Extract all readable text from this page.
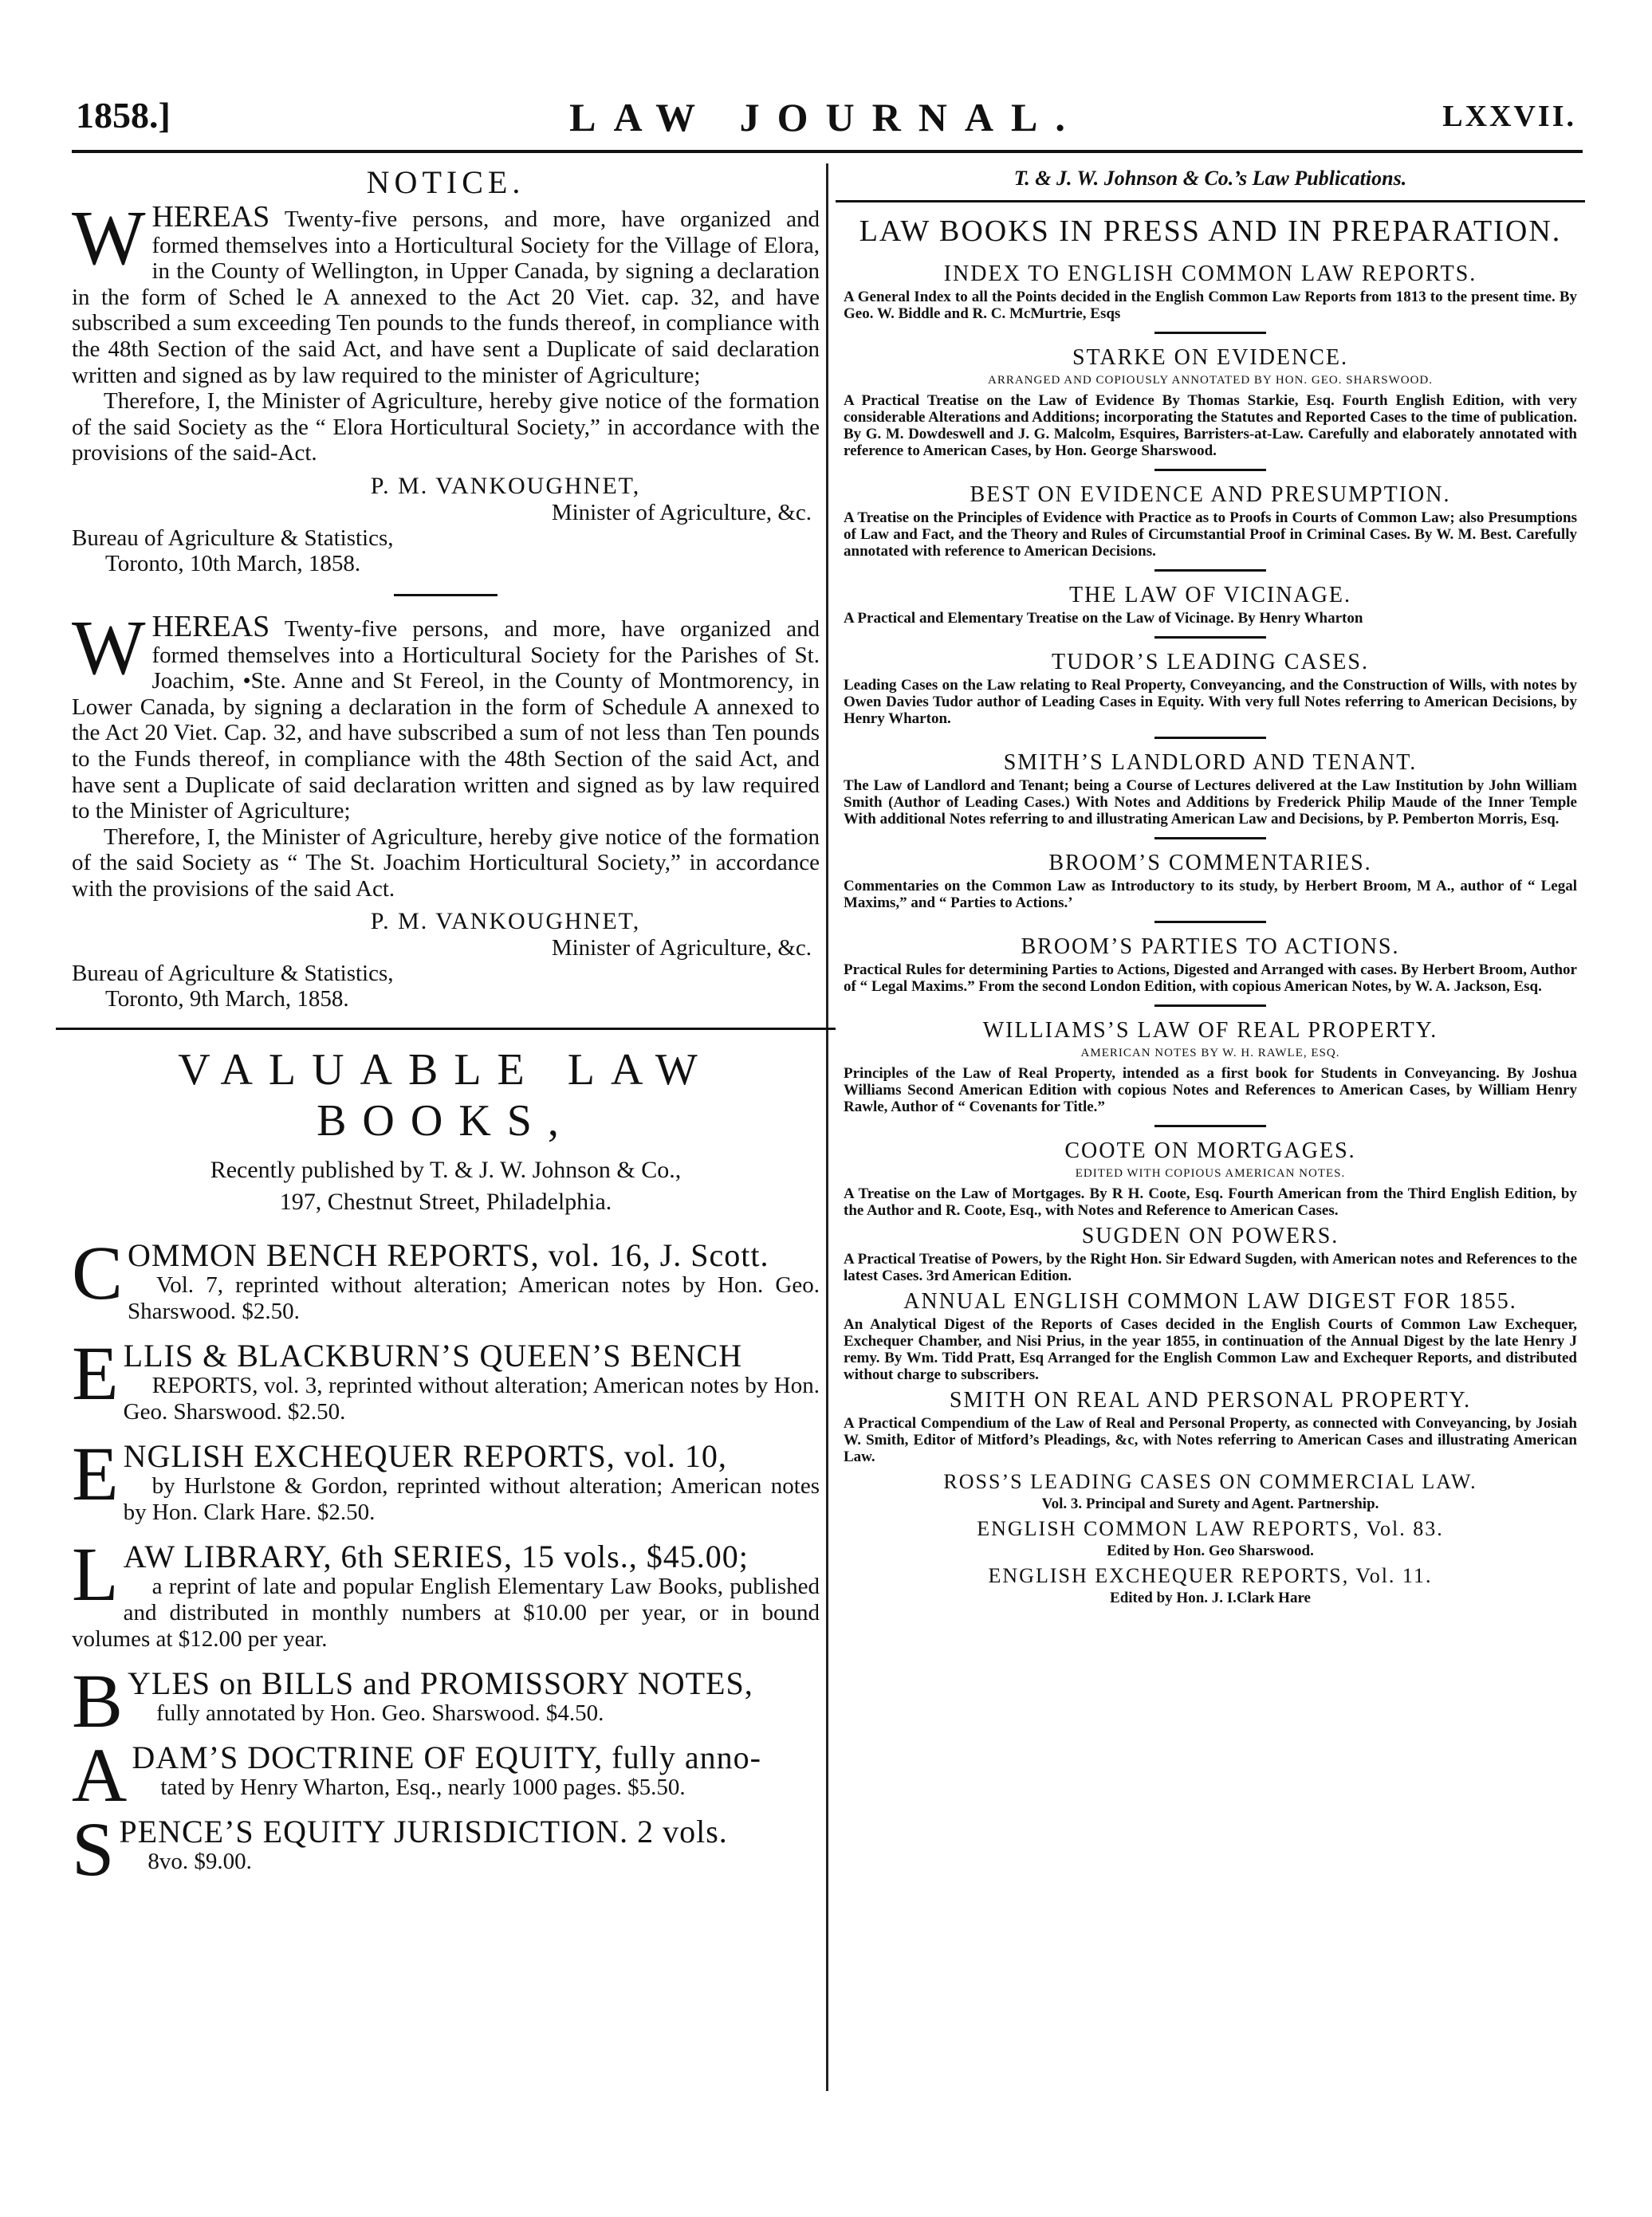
1858.]	LAW JOURNAL.	LXXVII.
NOTICE.

WHEREAS Twenty-five persons, and more, have organized and formed themselves into a Horticultural Society for the Village of Elora, in the County of Wellington, in Upper Canada, by signing a declaration in the form of Sched le A annexed to the Act 20 Viet. cap. 32, and have subscribed a sum exceeding Ten pounds to the funds thereof, in compliance with the 48th Section of the said Act, and have sent a Duplicate of said declaration written and signed as by law required to the minister of Agriculture;

Therefore, I, the Minister of Agriculture, hereby give notice of the formation of the said Society as the “ Elora Horticultural Society,” in accordance with the provisions of the said-Act.

P. M. VANKOUGHNET,
Minister of Agriculture, &c.
Bureau of Agriculture & Statistics,
Toronto, 10th March, 1858.

WHEREAS Twenty-five persons, and more, have organized and formed themselves into a Horticultural Society for the Parishes of St. Joachim, •Ste. Anne and St Fereol, in the County of Montmorency, in Lower Canada, by signing a declaration in the form of Schedule A annexed to the Act 20 Viet. Cap. 32, and have subscribed a sum of not less than Ten pounds to the Funds thereof, in compliance with the 48th Section of the said Act, and have sent a Duplicate of said declaration written and signed as by law required to the Minister of Agriculture;

Therefore, I, the Minister of Agriculture, hereby give notice of the formation of the said Society as “ The St. Joachim Horticultural Society,” in accordance with the provisions of the said Act.

P. M. VANKOUGHNET,
Minister of Agriculture, &c.
Bureau of Agriculture & Statistics,
Toronto, 9th March, 1858.
VALUABLE LAW BOOKS,
Recently published by T. & J. W. Johnson & Co.,
197, Chestnut Street, Philadelphia.
COMMON BENCH REPORTS, vol. 16, J. Scott.
Vol. 7, reprinted without alteration; American notes by Hon. Geo. Sharswood. $2.50.
ELLIS & BLACKBURN’S QUEEN’S BENCH
REPORTS, vol. 3, reprinted without alteration; American notes by Hon. Geo. Sharswood. $2.50.
ENGLISH EXCHEQUER REPORTS, vol. 10,
by Hurlstone & Gordon, reprinted without alteration; American notes by Hon. Clark Hare. $2.50.
LAW LIBRARY, 6th SERIES, 15 vols., $45.00;
a reprint of late and popular English Elementary Law Books, published and distributed in monthly numbers at $10.00 per year, or in bound volumes at $12.00 per year.
BYLES on BILLS and PROMISSORY NOTES,
fully annotated by Hon. Geo. Sharswood. $4.50.
ADAM’S DOCTRINE OF EQUITY, fully anno-
tated by Henry Wharton, Esq., nearly 1000 pages. $5.50.
SPENCE’S EQUITY JURISDICTION. 2 vols.
8vo. $9.00.
T. & J. W. Johnson & Co.’s Law Publications.
LAW BOOKS IN PRESS AND IN PREPARATION.
INDEX TO ENGLISH COMMON LAW REPORTS.
A General Index to all the Points decided in the English Common Law Reports from 1813 to the present time. By Geo. W. Biddle and R. C. McMurtrie, Esqs
STARKE ON EVIDENCE.
ARRANGED AND COPIOUSLY ANNOTATED BY HON. GEO. SHARSWOOD.
A Practical Treatise on the Law of Evidence By Thomas Starkie, Esq. Fourth English Edition, with very considerable Alterations and Additions; incorporating the Statutes and Reported Cases to the time of publication. By G. M. Dowdeswell and J. G. Malcolm, Esquires, Barristers-at-Law. Carefully and elaborately annotated with reference to American Cases, by Hon. George Sharswood.
BEST ON EVIDENCE AND PRESUMPTION.
A Treatise on the Principles of Evidence with Practice as to Proofs in Courts of Common Law; also Presumptions of Law and Fact, and the Theory and Rules of Circumstantial Proof in Criminal Cases. By W. M. Best. Carefully annotated with reference to American Decisions.
THE LAW OF VICINAGE.
A Practical and Elementary Treatise on the Law of Vicinage. By Henry Wharton
TUDOR’S LEADING CASES.
Leading Cases on the Law relating to Real Property, Conveyancing, and the Construction of Wills, with notes by Owen Davies Tudor author of Leading Cases in Equity. With very full Notes referring to American Decisions, by Henry Wharton.
SMITH’S LANDLORD AND TENANT.
The Law of Landlord and Tenant; being a Course of Lectures delivered at the Law Institution by John William Smith (Author of Leading Cases.) With Notes and Additions by Frederick Philip Maude of the Inner Temple With additional Notes referring to and illustrating American Law and Decisions, by P. Pemberton Morris, Esq.
BROOM’S COMMENTARIES.
Commentaries on the Common Law as Introductory to its study, by Herbert Broom, M A., author of “ Legal Maxims,” and “ Parties to Actions.’
BROOM’S PARTIES TO ACTIONS.
Practical Rules for determining Parties to Actions, Digested and Arranged with cases. By Herbert Broom, Author of “ Legal Maxims.” From the second London Edition, with copious American Notes, by W. A. Jackson, Esq.
WILLIAMS’S LAW OF REAL PROPERTY.
AMERICAN NOTES BY W. H. RAWLE, ESQ.
Principles of the Law of Real Property, intended as a first book for Students in Conveyancing. By Joshua Williams Second American Edition with copious Notes and References to American Cases, by William Henry Rawle, Author of “ Covenants for Title.”
COOTE ON MORTGAGES.
EDITED WITH COPIOUS AMERICAN NOTES.
A Treatise on the Law of Mortgages. By R H. Coote, Esq. Fourth American from the Third English Edition, by the Author and R. Coote, Esq., with Notes and Reference to American Cases.
SUGDEN ON POWERS.
A Practical Treatise of Powers, by the Right Hon. Sir Edward Sugden, with American notes and References to the latest Cases. 3rd American Edition.
ANNUAL ENGLISH COMMON LAW DIGEST FOR 1855.
An Analytical Digest of the Reports of Cases decided in the English Courts of Common Law Exchequer, Exchequer Chamber, and Nisi Prius, in the year 1855, in continuation of the Annual Digest by the late Henry J remy. By Wm. Tidd Pratt, Esq Arranged for the English Common Law and Exchequer Reports, and distributed without charge to subscribers.
SMITH ON REAL AND PERSONAL PROPERTY.
A Practical Compendium of the Law of Real and Personal Property, as connected with Conveyancing, by Josiah W. Smith, Editor of Mitford’s Pleadings, &c, with Notes referring to American Cases and illustrating American Law.
ROSS’S LEADING CASES ON COMMERCIAL LAW.
Vol. 3. Principal and Surety and Agent. Partnership.
ENGLISH COMMON LAW REPORTS, Vol. 83.
Edited by Hon. Geo Sharswood.
ENGLISH EXCHEQUER REPORTS, Vol. 11.
Edited by Hon. J. I.Clark Hare
